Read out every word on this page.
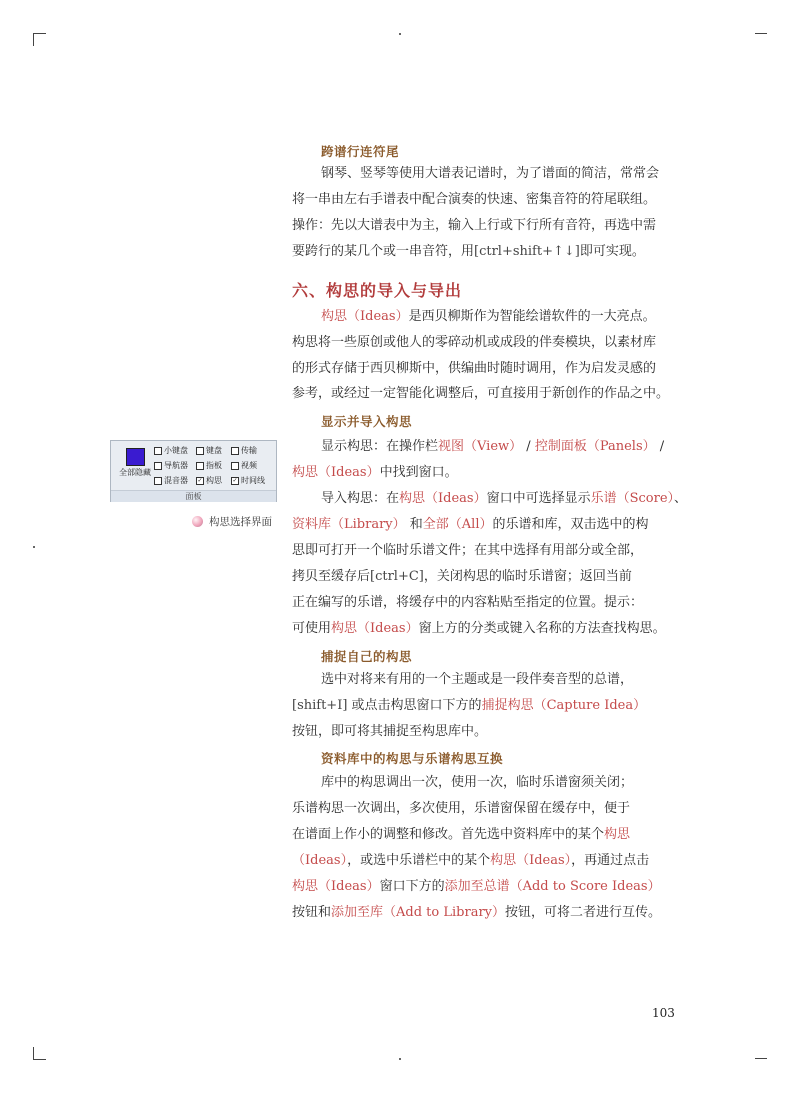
跨谱行连符尾
钢琴、竖琴等使用大谱表记谱时，为了谱面的简洁，常常会
将一串由左右手谱表中配合演奏的快速、密集音符的符尾联组。
操作：先以大谱表中为主，输入上行或下行所有音符，再选中需
要跨行的某几个或一串音符，用[ctrl+shift+↑↓]即可实现。
六、构思的导入与导出
构思（Ideas）是西贝柳斯作为智能绘谱软件的一大亮点。
构思将一些原创或他人的零碎动机或成段的伴奏模块，以素材库
的形式存储于西贝柳斯中，供编曲时随时调用，作为启发灵感的
参考，或经过一定智能化调整后，可直接用于新创作的作品之中。
显示并导入构思
显示构思：在操作栏视图（View） / 控制面板（Panels） /
构思（Ideas）中找到窗口。
导入构思：在构思（Ideas）窗口中可选择显示乐谱（Score）、
资料库（Library） 和全部（All）的乐谱和库，双击选中的构
思即可打开一个临时乐谱文件；在其中选择有用部分或全部，
拷贝至缓存后[ctrl+C]，关闭构思的临时乐谱窗；返回当前
正在编写的乐谱，将缓存中的内容粘贴至指定的位置。提示：
可使用构思（Ideas）窗上方的分类或键入名称的方法查找构思。
捕捉自己的构思
选中对将来有用的一个主题或是一段伴奏音型的总谱，
[shift+I] 或点击构思窗口下方的捕捉构思（Capture Idea）
按钮，即可将其捕捉至构思库中。
资料库中的构思与乐谱构思互换
库中的构思调出一次，使用一次，临时乐谱窗须关闭；
乐谱构思一次调出，多次使用，乐谱窗保留在缓存中，便于
在谱面上作小的调整和修改。首先选中资料库中的某个构思
（Ideas），或选中乐谱栏中的某个构思（Ideas），再通过点击
构思（Ideas）窗口下方的添加至总谱（Add to Score Ideas）
按钮和添加至库（Add to Library）按钮，可将二者进行互传。
全部隐藏
小键盘	键盘	传输
导航器	指板	视频
混音器 ✓ 构思 ✓ 时间线
面板
构思选择界面
103
